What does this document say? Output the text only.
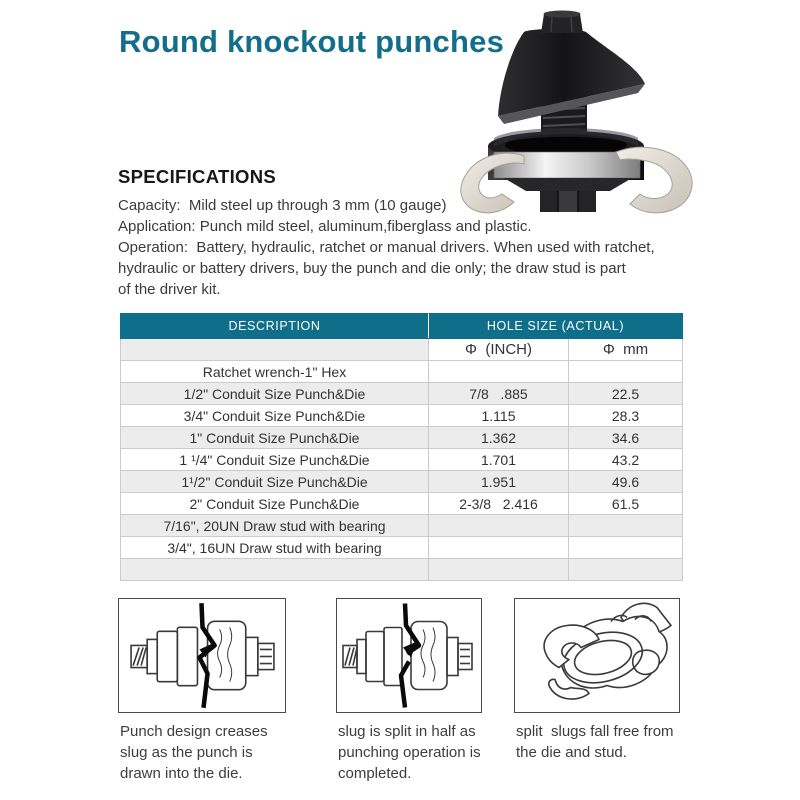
Round knockout punches
SPECIFICATIONS
Capacity:  Mild steel up through 3 mm (10 gauge)
Application: Punch mild steel, aluminum,fiberglass and plastic.
Operation:  Battery, hydraulic, ratchet or manual drivers. When used with ratchet,
hydraulic or battery drivers, buy the punch and die only; the draw stud is part
of the driver kit.
DESCRIPTION	HOLE SIZE (ACTUAL)	
	Φ  (INCH)	Φ  mm
Ratchet wrench-1" Hex		
1/2" Conduit Size Punch&Die	7/8   .885	22.5
3/4" Conduit Size Punch&Die	1.115	28.3
1" Conduit Size Punch&Die	1.362	34.6
1 ¹/4" Conduit Size Punch&Die	1.701	43.2
1¹/2" Conduit Size Punch&Die	1.951	49.6
2" Conduit Size Punch&Die	2-3/8   2.416	61.5
7/16", 20UN Draw stud with bearing		
3/4", 16UN Draw stud with bearing		

Punch design creases slug as the punch is drawn into the die.
slug is split in half as punching operation is completed.
split  slugs fall free from the die and stud.
